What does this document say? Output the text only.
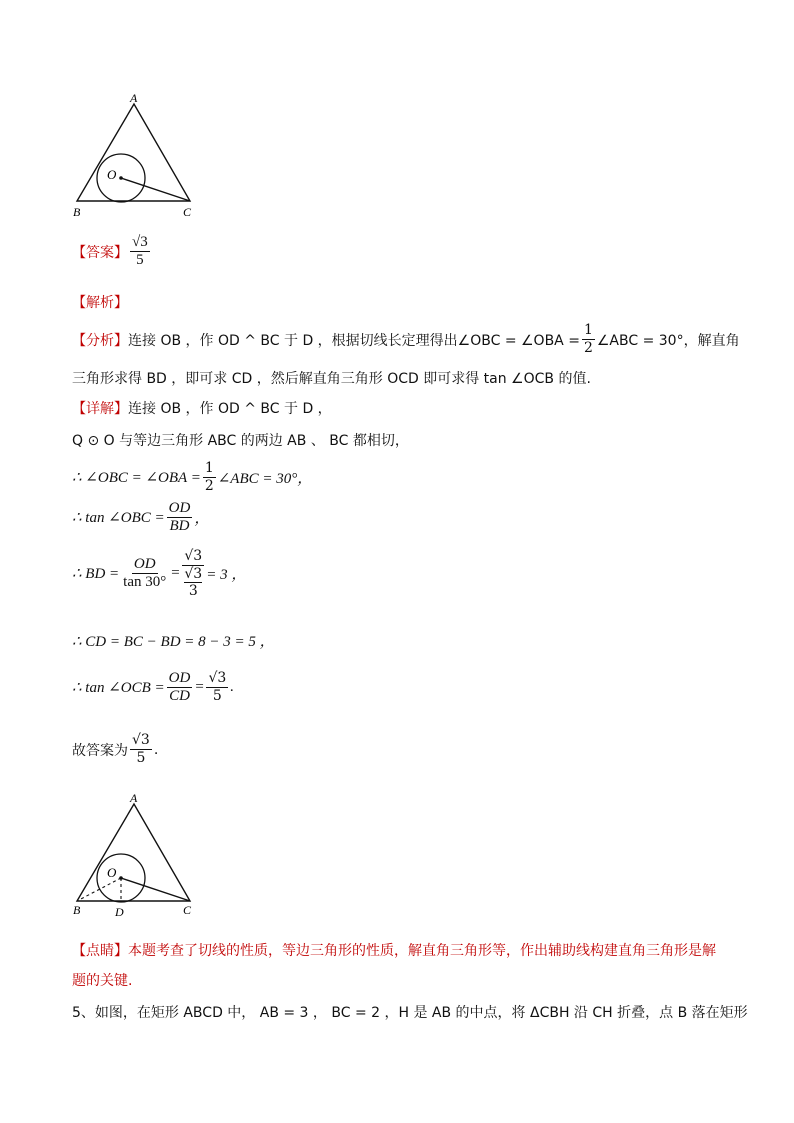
A
O
B	C
【答案】 $\frac{√3}{5}$
【解析】
【分析】 连接 OB ，作 OD ^ BC 于 D ，根据切线长定理得出∠OBC = ∠OBA = $\frac{1}{2}$ ∠ABC = 30°，解直角
三角形求得 BD ，即可求 CD ，然后解直角三角形 OCD 即可求得 tan ∠OCB 的值.
【详解】 连接 OB ，作 OD ^ BC 于 D ，
Q ⊙ O 与等边三角形 ABC 的两边 AB 、 BC 都相切，
∴ ∠OBC = ∠OBA = $\frac{1}{2}$ ∠ABC = 30°，
∴ tan ∠OBC = $\frac{OD}{BD}$ ，
∴ BD = $\frac{OD}{\tan 30^\circ} = \frac{√3}{\frac{√3}{3}} = 3$ ，
∴ CD = BC − BD = 8 − 3 = 5 ，
∴ tan ∠OCB = $\frac{OD}{CD} = \frac{√3}{5}$ .
故答案为 $\frac{√3}{5}$ .
A
O
B	D	C
【点睛】 本题考查了切线的性质，等边三角形的性质，解直角三角形等，作出辅助线构建直角三角形是解
题的关键.
5、如图，在矩形 ABCD 中， AB = 3 ， BC = 2 ，H 是 AB 的中点，将 ΔCBH 沿 CH 折叠，点 B 落在矩形
